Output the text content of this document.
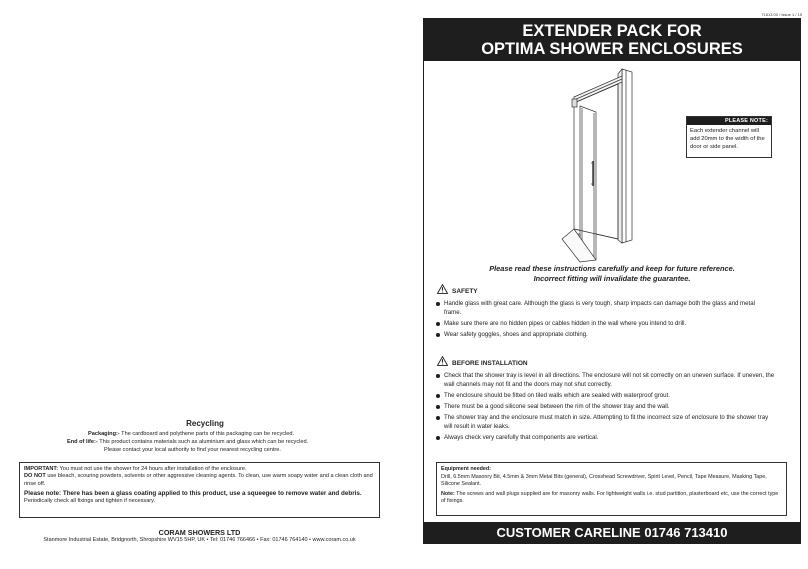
Recycling
Packaging:- The cardboard and polythene parts of this packaging can be recycled.
End of life:- This product contains materials such as aluminium and glass which can be recycled.
Please contact your local authority to find your nearest recycling centre.
IMPORTANT: You must not use the shower for 24 hours after installation of the enclosure.
DO NOT use bleach, scouring powders, solvents or other aggressive cleaning agents. To clean, use warm soapy water and a clean cloth and rinse off.
Please note: There has been a glass coating applied to this product, use a squeegee to remove water and debris.
Periodically check all fixings and tighten if necessary.
CORAM SHOWERS LTD
Stanmore Industrial Estate, Bridgnorth, Shropshire WV15 5HP, UK • Tel: 01746 766466 • Fax: 01746 764140 • www.coram.co.uk
71613 00 / Issue 1 / 15
EXTENDER PACK FOR
OPTIMA SHOWER ENCLOSURES
PLEASE NOTE:
Each extender channel will add 20mm to the width of the door or side panel.
Please read these instructions carefully and keep for future reference.
Incorrect fitting will invalidate the guarantee.
SAFETY
Handle glass with great care. Although the glass is very tough, sharp impacts can damage both the glass and metal frame.
Make sure there are no hidden pipes or cables hidden in the wall where you intend to drill.
Wear safety goggles, shoes and appropriate clothing.
BEFORE INSTALLATION
Check that the shower tray is level in all directions. The enclosure will not sit correctly on an uneven surface. If uneven, the wall channels may not fit and the doors may not shut correctly.
The enclosure should be fitted on tiled walls which are sealed with waterproof grout.
There must be a good silicone seal between the rim of the shower tray and the wall.
The shower tray and the enclosure must match in size. Attempting to fit the incorrect size of enclosure to the shower tray will result in water leaks.
Always check very carefully that components are vertical.
Equipment needed:
Drill, 6.5mm Masonry Bit, 4.5mm & 3mm Metal Bits (general), Crosshead Screwdriver, Spirit Level, Pencil, Tape Measure, Masking Tape, Silicone Sealant.
Note: The screws and wall plugs supplied are for masonry walls. For lightweight walls i.e. stud partition, plasterboard etc, use the correct type of fixings.
CUSTOMER CARELINE 01746 713410
